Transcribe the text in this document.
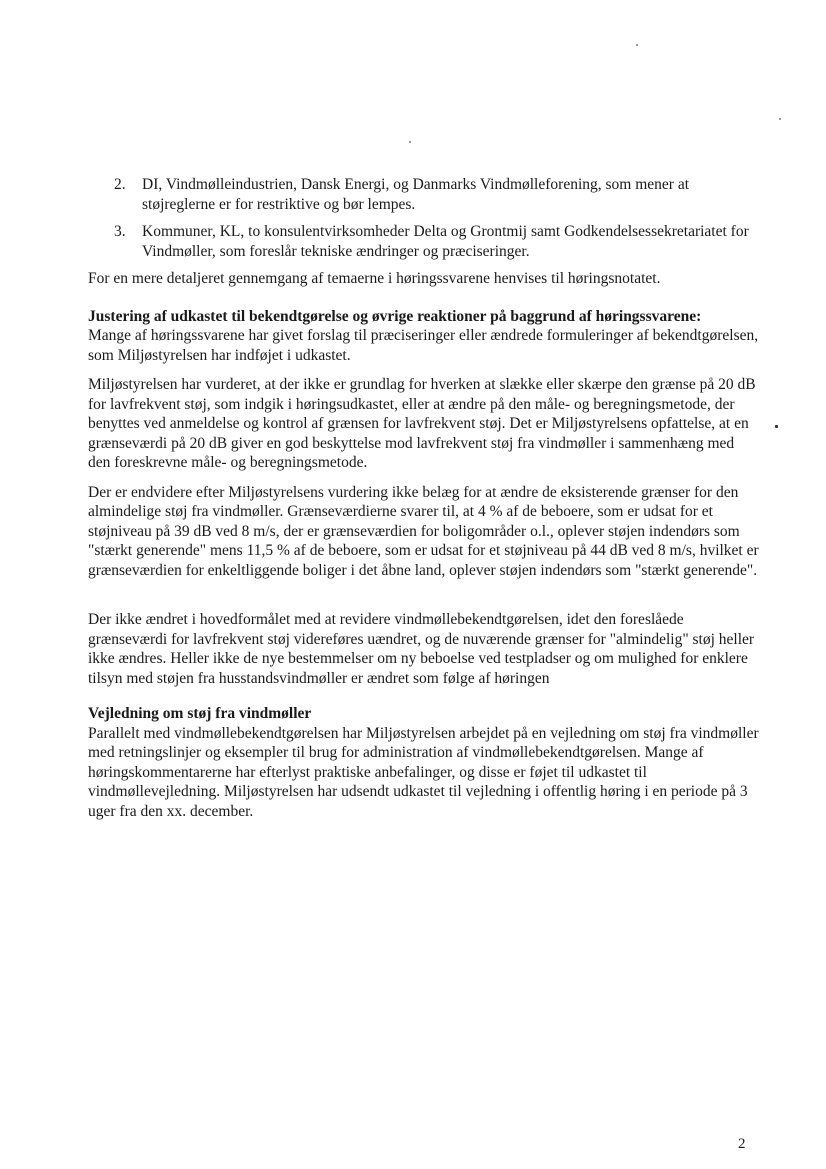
2. DI, Vindmølleindustrien, Dansk Energi, og Danmarks Vindmølleforening, som mener at støjreglerne er for restriktive og bør lempes.
3. Kommuner, KL, to konsulentvirksomheder Delta og Grontmij samt Godkendelsessekretariatet for Vindmøller, som foreslår tekniske ændringer og præciseringer.

For en mere detaljeret gennemgang af temaerne i høringssvarene henvises til høringsnotatet.

Justering af udkastet til bekendtgørelse og øvrige reaktioner på baggrund af høringssvarene:

Mange af høringssvarene har givet forslag til præciseringer eller ændrede formuleringer af bekendtgørelsen, som Miljøstyrelsen har indføjet i udkastet.

Miljøstyrelsen har vurderet, at der ikke er grundlag for hverken at slække eller skærpe den grænse på 20 dB for lavfrekvent støj, som indgik i høringsudkastet, eller at ændre på den måle- og beregningsmetode, der benyttes ved anmeldelse og kontrol af grænsen for lavfrekvent støj. Det er Miljøstyrelsens opfattelse, at en grænseværdi på 20 dB giver en god beskyttelse mod lavfrekvent støj fra vindmøller i sammenhæng med den foreskrevne måle- og beregningsmetode.

Der er endvidere efter Miljøstyrelsens vurdering ikke belæg for at ændre de eksisterende grænser for den almindelige støj fra vindmøller. Grænseværdierne svarer til, at 4 % af de beboere, som er udsat for et støjniveau på 39 dB ved 8 m/s, der er grænseværdien for boligområder o.l., oplever støjen indendørs som "stærkt generende" mens 11,5 % af de beboere, som er udsat for et støjniveau på 44 dB ved 8 m/s, hvilket er grænseværdien for enkeltliggende boliger i det åbne land, oplever støjen indendørs som "stærkt generende".

Der ikke ændret i hovedformålet med at revidere vindmøllebekendtgørelsen, idet den foreslåede grænseværdi for lavfrekvent støj videreføres uændret, og de nuværende grænser for "almindelig" støj heller ikke ændres. Heller ikke de nye bestemmelser om ny beboelse ved testpladser og om mulighed for enklere tilsyn med støjen fra husstandsvindmøller er ændret som følge af høringen

Vejledning om støj fra vindmøller

Parallelt med vindmøllebekendtgørelsen har Miljøstyrelsen arbejdet på en vejledning om støj fra vindmøller med retningslinjer og eksempler til brug for administration af vindmøllebekendtgørelsen. Mange af høringskommentarerne har efterlyst praktiske anbefalinger, og disse er føjet til udkastet til vindmøllevejledning. Miljøstyrelsen har udsendt udkastet til vejledning i offentlig høring i en periode på 3 uger fra den xx. december.

2
